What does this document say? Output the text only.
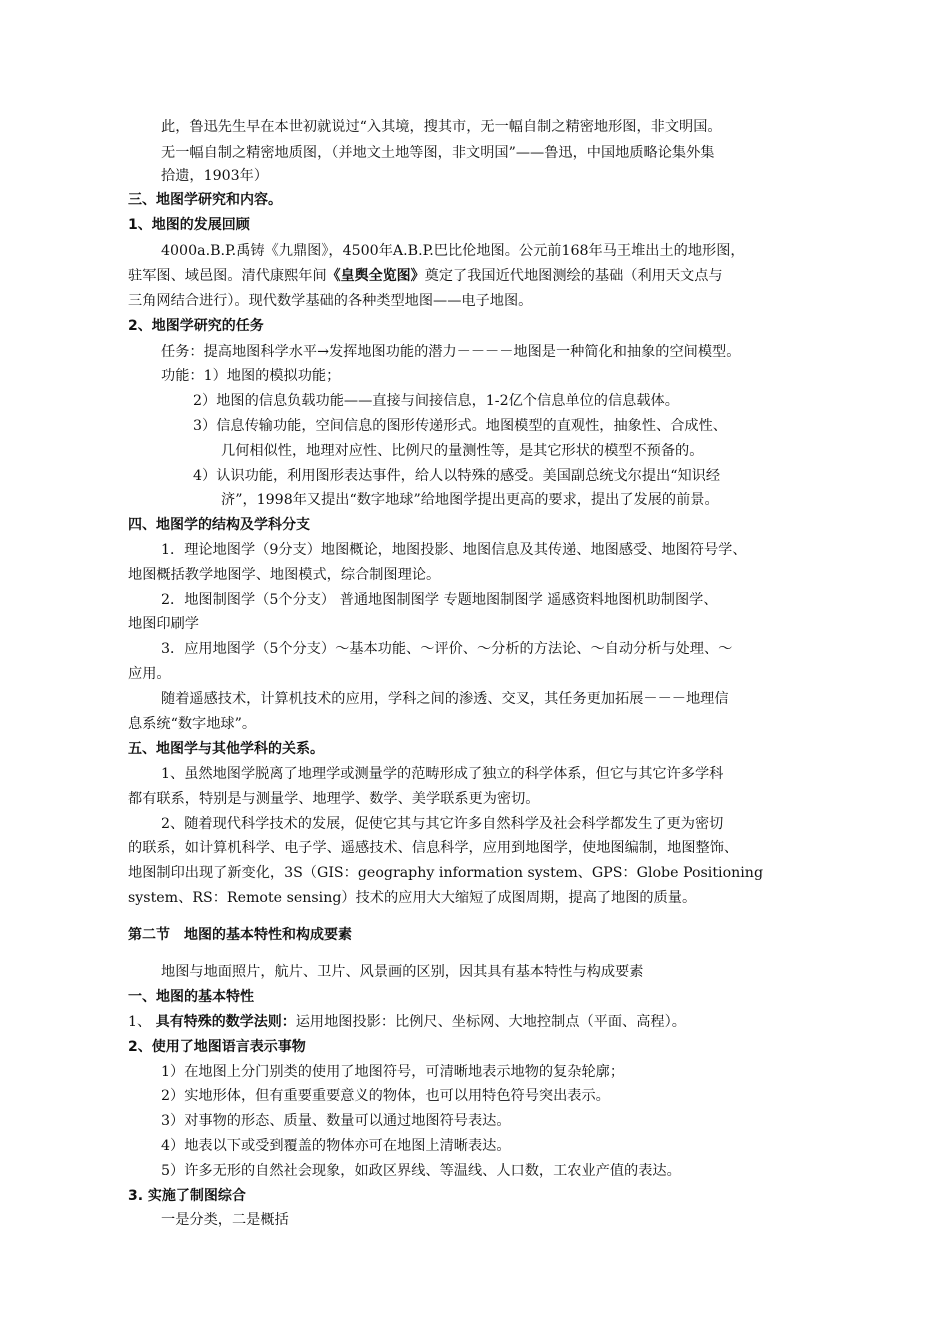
此，鲁迅先生早在本世初就说过“入其境，搜其市，无一幅自制之精密地形图，非文明国。
无一幅自制之精密地质图，（并地文土地等图，非文明国”——鲁迅，中国地质略论集外集
拾遗，1903年）
三、地图学研究和内容。
1、地图的发展回顾
4000a.B.P.禹铸《九鼎图》，4500年A.B.P.巴比伦地图。公元前168年马王堆出土的地形图，
驻军图、域邑图。清代康熙年间《皇舆全览图》奠定了我国近代地图测绘的基础（利用天文点与
三角网结合进行）。现代数学基础的各种类型地图——电子地图。
2、地图学研究的任务
任务：提高地图科学水平→发挥地图功能的潜力－－－－地图是一种简化和抽象的空间模型。
功能：1）地图的模拟功能；
2）地图的信息负载功能——直接与间接信息，1-2亿个信息单位的信息载体。
3）信息传输功能，空间信息的图形传递形式。地图模型的直观性，抽象性、合成性、
几何相似性，地理对应性、比例尺的量测性等，是其它形状的模型不预备的。
4）认识功能，利用图形表达事件，给人以特殊的感受。美国副总统戈尔提出“知识经
济”，1998年又提出“数字地球”给地图学提出更高的要求，提出了发展的前景。
四、地图学的结构及学科分支
1．理论地图学（9分支）地图概论，地图投影、地图信息及其传递、地图感受、地图符号学、
地图概括教学地图学、地图模式，综合制图理论。
2．地图制图学（5个分支） 普通地图制图学 专题地图制图学 遥感资料地图机助制图学、
地图印刷学
3．应用地图学（5个分支）～基本功能、～评价、～分析的方法论、～自动分析与处理、～
应用。
随着遥感技术，计算机技术的应用，学科之间的渗透、交叉，其任务更加拓展－－－地理信
息系统“数字地球”。
五、地图学与其他学科的关系。
1、虽然地图学脱离了地理学或测量学的范畴形成了独立的科学体系，但它与其它许多学科
都有联系，特别是与测量学、地理学、数学、美学联系更为密切。
2、随着现代科学技术的发展，促使它其与其它许多自然科学及社会科学都发生了更为密切
的联系，如计算机科学、电子学、遥感技术、信息科学，应用到地图学，使地图编制，地图整饰、
地图制印出现了新变化，3S（GIS：geography information system、GPS：Globe Positioning
system、RS：Remote sensing）技术的应用大大缩短了成图周期，提高了地图的质量。
第二节　地图的基本特性和构成要素
地图与地面照片，航片、卫片、风景画的区别，因其具有基本特性与构成要素
一、地图的基本特性
1、 具有特殊的数学法则：运用地图投影：比例尺、坐标网、大地控制点（平面、高程）。
2、使用了地图语言表示事物
1）在地图上分门别类的使用了地图符号，可清晰地表示地物的复杂轮廓；
2）实地形体，但有重要重要意义的物体，也可以用特色符号突出表示。
3）对事物的形态、质量、数量可以通过地图符号表达。
4）地表以下或受到覆盖的物体亦可在地图上清晰表达。
5）许多无形的自然社会现象，如政区界线、等温线、人口数，工农业产值的表达。
3. 实施了制图综合
一是分类，二是概括
